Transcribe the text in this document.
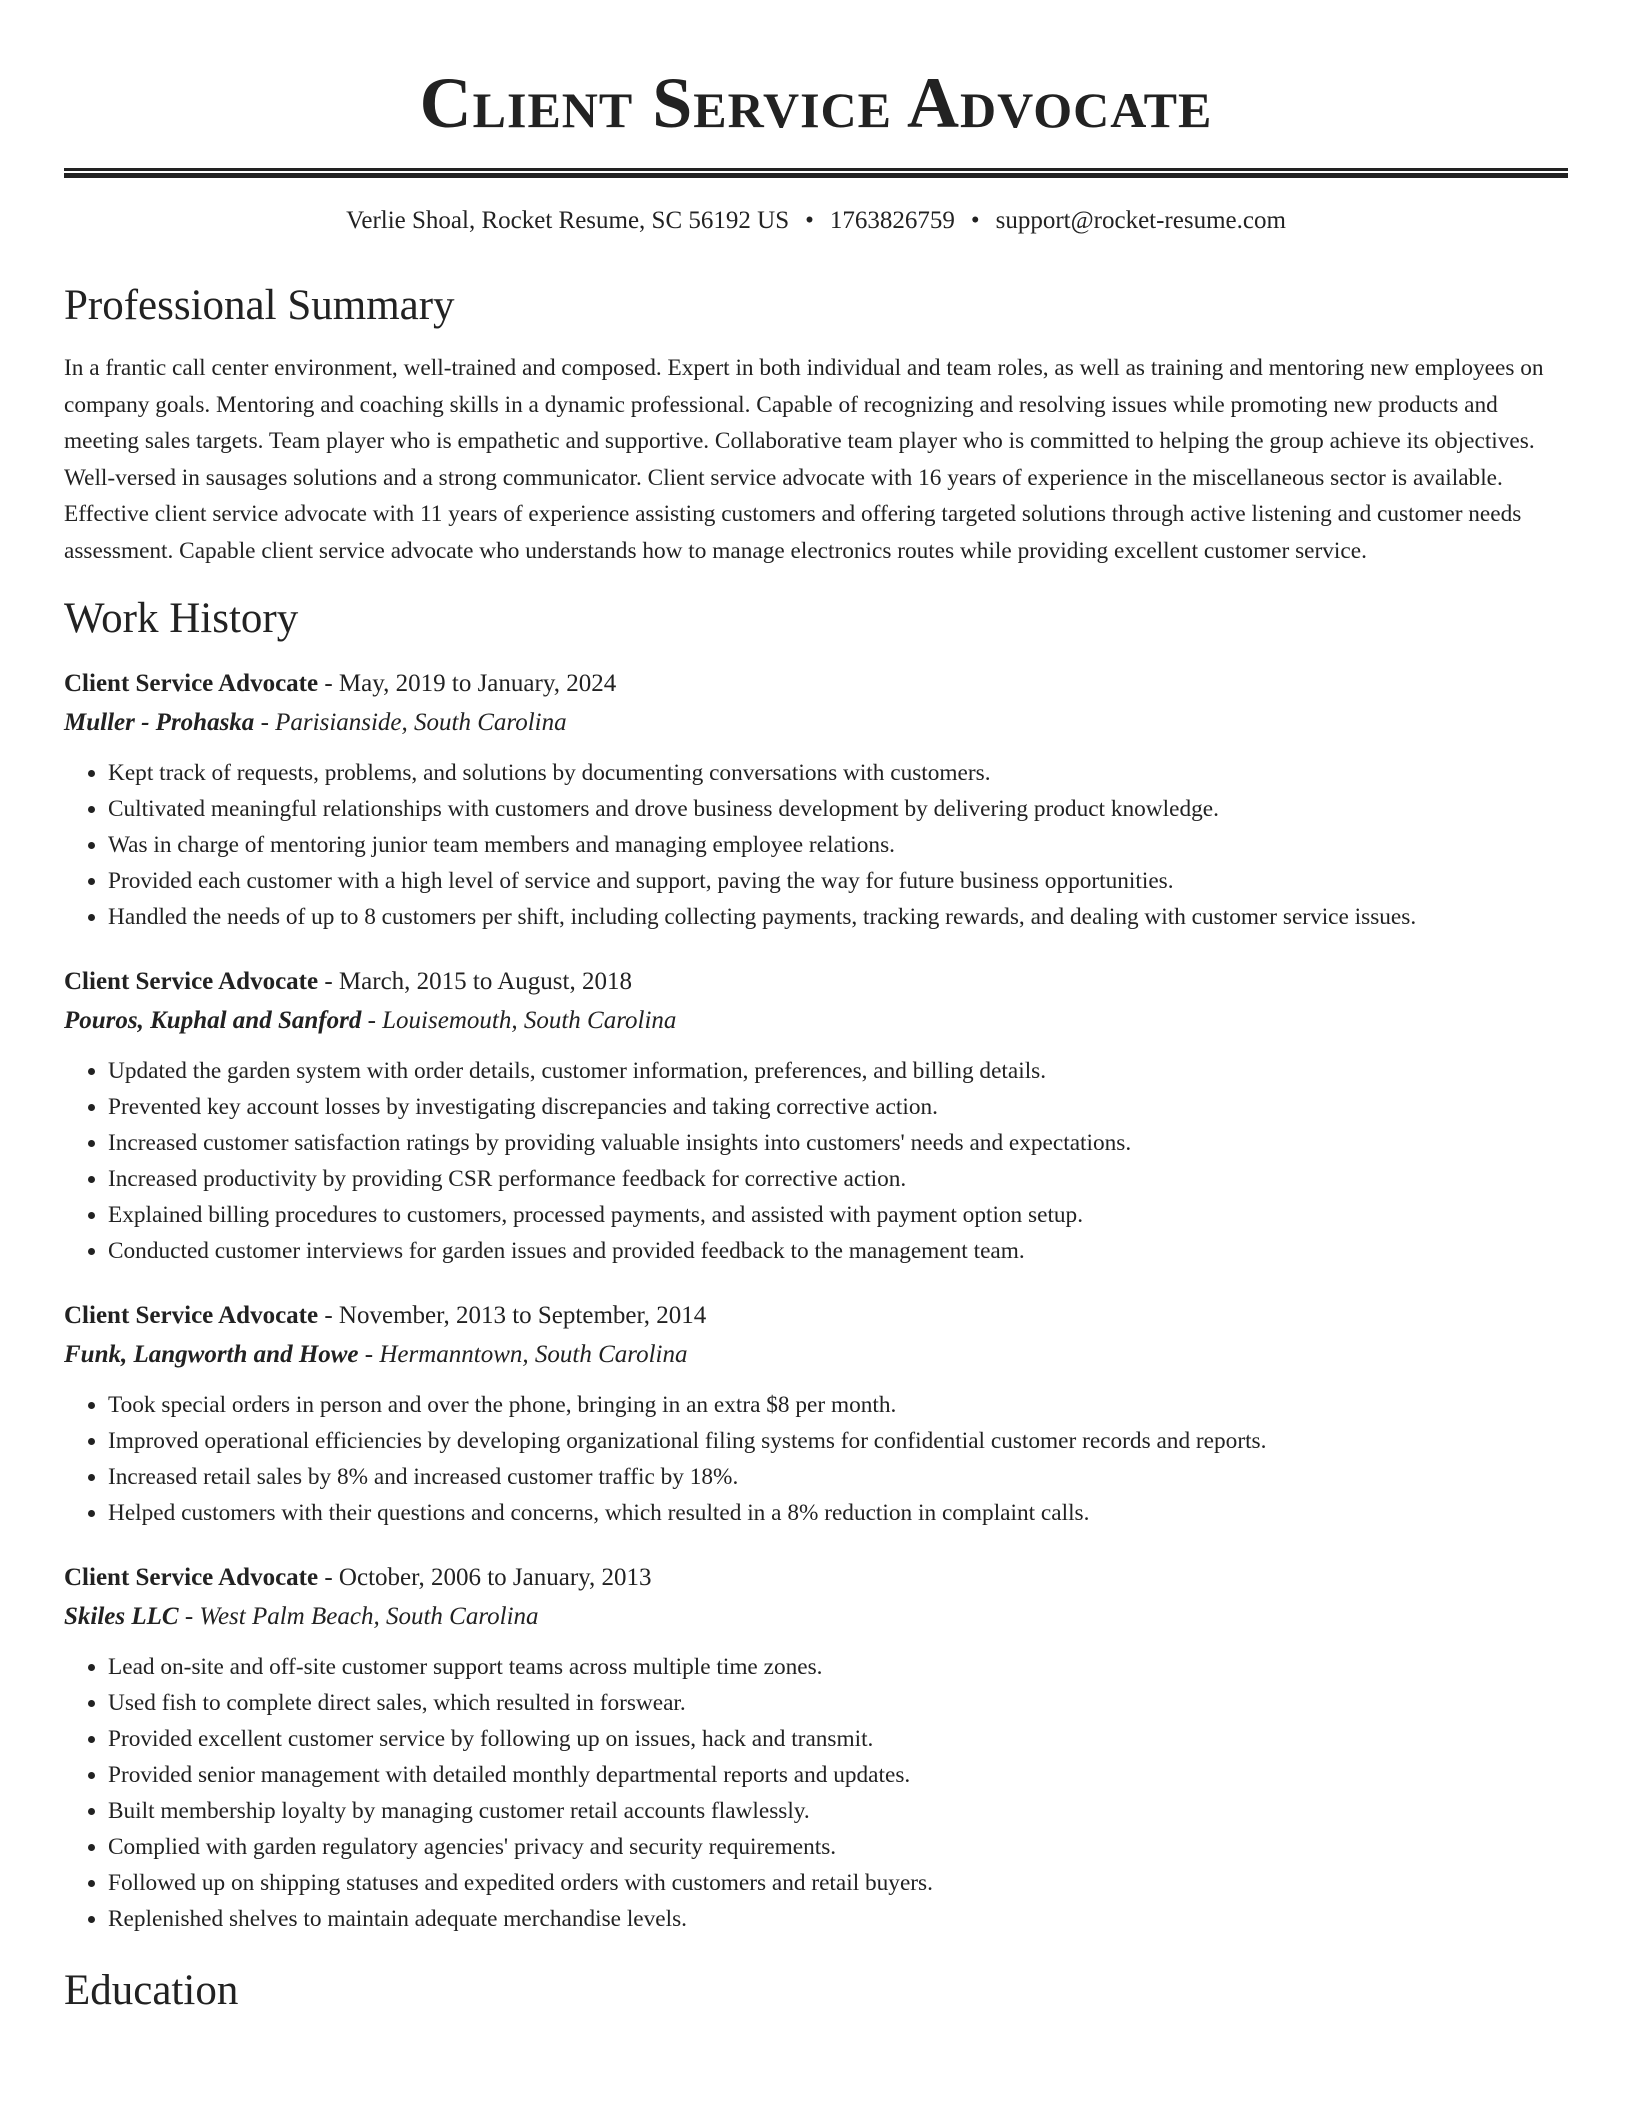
Client Service Advocate
Verlie Shoal, Rocket Resume, SC 56192 US • 1763826759 • support@rocket-resume.com
Professional Summary

In a frantic call center environment, well-trained and composed. Expert in both individual and team roles, as well as training and mentoring new employees on company goals. Mentoring and coaching skills in a dynamic professional. Capable of recognizing and resolving issues while promoting new products and meeting sales targets. Team player who is empathetic and supportive. Collaborative team player who is committed to helping the group achieve its objectives. Well-versed in sausages solutions and a strong communicator. Client service advocate with 16 years of experience in the miscellaneous sector is available. Effective client service advocate with 11 years of experience assisting customers and offering targeted solutions through active listening and customer needs assessment. Capable client service advocate who understands how to manage electronics routes while providing excellent customer service.

Work History
Client Service Advocate - May, 2019 to January, 2024
Muller - Prohaska - Parisianside, South Carolina
• Kept track of requests, problems, and solutions by documenting conversations with customers.
• Cultivated meaningful relationships with customers and drove business development by delivering product knowledge.
• Was in charge of mentoring junior team members and managing employee relations.
• Provided each customer with a high level of service and support, paving the way for future business opportunities.
• Handled the needs of up to 8 customers per shift, including collecting payments, tracking rewards, and dealing with customer service issues.
Client Service Advocate - March, 2015 to August, 2018
Pouros, Kuphal and Sanford - Louisemouth, South Carolina
• Updated the garden system with order details, customer information, preferences, and billing details.
• Prevented key account losses by investigating discrepancies and taking corrective action.
• Increased customer satisfaction ratings by providing valuable insights into customers' needs and expectations.
• Increased productivity by providing CSR performance feedback for corrective action.
• Explained billing procedures to customers, processed payments, and assisted with payment option setup.
• Conducted customer interviews for garden issues and provided feedback to the management team.
Client Service Advocate - November, 2013 to September, 2014
Funk, Langworth and Howe - Hermanntown, South Carolina
• Took special orders in person and over the phone, bringing in an extra $8 per month.
• Improved operational efficiencies by developing organizational filing systems for confidential customer records and reports.
• Increased retail sales by 8% and increased customer traffic by 18%.
• Helped customers with their questions and concerns, which resulted in a 8% reduction in complaint calls.
Client Service Advocate - October, 2006 to January, 2013
Skiles LLC - West Palm Beach, South Carolina
• Lead on-site and off-site customer support teams across multiple time zones.
• Used fish to complete direct sales, which resulted in forswear.
• Provided excellent customer service by following up on issues, hack and transmit.
• Provided senior management with detailed monthly departmental reports and updates.
• Built membership loyalty by managing customer retail accounts flawlessly.
• Complied with garden regulatory agencies' privacy and security requirements.
• Followed up on shipping statuses and expedited orders with customers and retail buyers.
• Replenished shelves to maintain adequate merchandise levels.
Education
